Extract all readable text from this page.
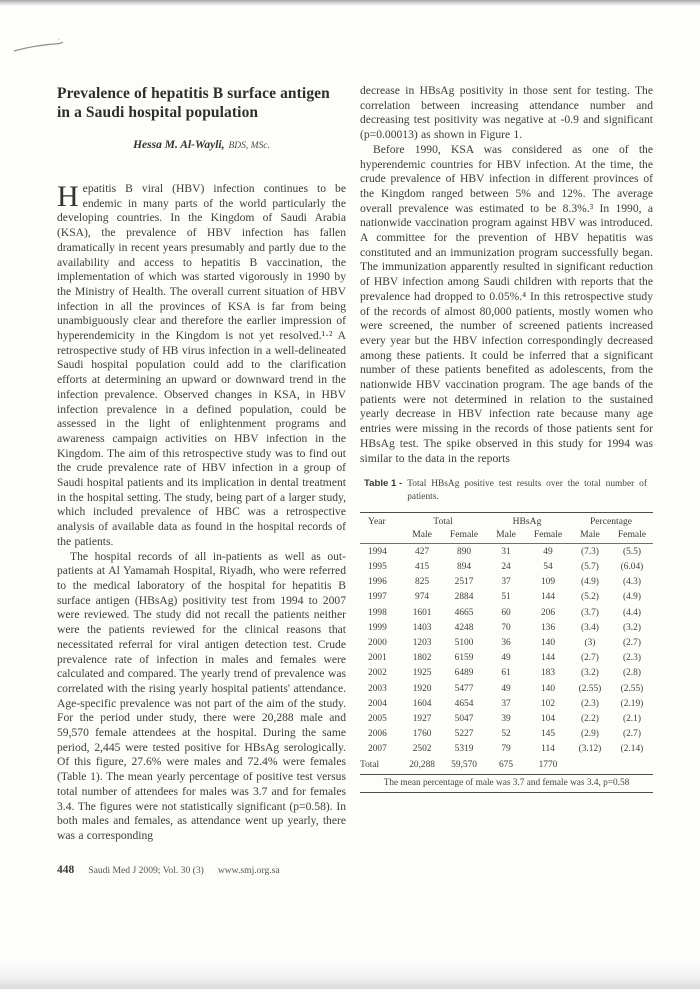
Prevalence of hepatitis B surface antigen in a Saudi hospital population
Hessa M. Al-Wayli, BDS, MSc.

Hepatitis B viral (HBV) infection continues to be endemic in many parts of the world particularly the developing countries. In the Kingdom of Saudi Arabia (KSA), the prevalence of HBV infection has fallen dramatically in recent years presumably and partly due to the availability and access to hepatitis B vaccination, the implementation of which was started vigorously in 1990 by the Ministry of Health. The overall current situation of HBV infection in all the provinces of KSA is far from being unambiguously clear and therefore the earlier impression of hyperendemicity in the Kingdom is not yet resolved.¹·² A retrospective study of HB virus infection in a well-delineated Saudi hospital population could add to the clarification efforts at determining an upward or downward trend in the infection prevalence. Observed changes in KSA, in HBV infection prevalence in a defined population, could be assessed in the light of enlightenment programs and awareness campaign activities on HBV infection in the Kingdom. The aim of this retrospective study was to find out the crude prevalence rate of HBV infection in a group of Saudi hospital patients and its implication in dental treatment in the hospital setting. The study, being part of a larger study, which included prevalence of HBC was a retrospective analysis of available data as found in the hospital records of the patients.

The hospital records of all in-patients as well as out-patients at Al Yamamah Hospital, Riyadh, who were referred to the medical laboratory of the hospital for hepatitis B surface antigen (HBsAg) positivity test from 1994 to 2007 were reviewed. The study did not recall the patients neither were the patients reviewed for the clinical reasons that necessitated referral for viral antigen detection test. Crude prevalence rate of infection in males and females were calculated and compared. The yearly trend of prevalence was correlated with the rising yearly hospital patients' attendance. Age-specific prevalence was not part of the aim of the study. For the period under study, there were 20,288 male and 59,570 female attendees at the hospital. During the same period, 2,445 were tested positive for HBsAg serologically. Of this figure, 27.6% were males and 72.4% were females (Table 1). The mean yearly percentage of positive test versus total number of attendees for males was 3.7 and for females 3.4. The figures were not statistically significant (p=0.58). In both males and females, as attendance went up yearly, there was a corresponding

decrease in HBsAg positivity in those sent for testing. The correlation between increasing attendance number and decreasing test positivity was negative at -0.9 and significant (p=0.00013) as shown in Figure 1.

Before 1990, KSA was considered as one of the hyperendemic countries for HBV infection. At the time, the crude prevalence of HBV infection in different provinces of the Kingdom ranged between 5% and 12%. The average overall prevalence was estimated to be 8.3%.³ In 1990, a nationwide vaccination program against HBV was introduced. A committee for the prevention of HBV hepatitis was constituted and an immunization program successfully began. The immunization apparently resulted in significant reduction of HBV infection among Saudi children with reports that the prevalence had dropped to 0.05%.⁴ In this retrospective study of the records of almost 80,000 patients, mostly women who were screened, the number of screened patients increased every year but the HBV infection correspondingly decreased among these patients. It could be inferred that a significant number of these patients benefited as adolescents, from the nationwide HBV vaccination program. The age bands of the patients were not determined in relation to the sustained yearly decrease in HBV infection rate because many age entries were missing in the records of those patients sent for HBsAg test. The spike observed in this study for 1994 was similar to the data in the reports

Table 1 - Total HBsAg positive test results over the total number of patients.
Year	Total		HBsAg		Percentage	
	Male	Female	Male	Female	Male	Female
1994	427	890	31	49	(7.3)	(5.5)
1995	415	894	24	54	(5.7)	(6.04)
1996	825	2517	37	109	(4.9)	(4.3)
1997	974	2884	51	144	(5.2)	(4.9)
1998	1601	4665	60	206	(3.7)	(4.4)
1999	1403	4248	70	136	(3.4)	(3.2)
2000	1203	5100	36	140	(3)	(2.7)
2001	1802	6159	49	144	(2.7)	(2.3)
2002	1925	6489	61	183	(3.2)	(2.8)
2003	1920	5477	49	140	(2.55)	(2.55)
2004	1604	4654	37	102	(2.3)	(2.19)
2005	1927	5047	39	104	(2.2)	(2.1)
2006	1760	5227	52	145	(2.9)	(2.7)
2007	2502	5319	79	114	(3.12)	(2.14)
Total	20,288	59,570	675	1770		
The mean percentage of male was 3.7 and female was 3.4, p=0.58
448 Saudi Med J 2009; Vol. 30 (3) www.smj.org.sa
